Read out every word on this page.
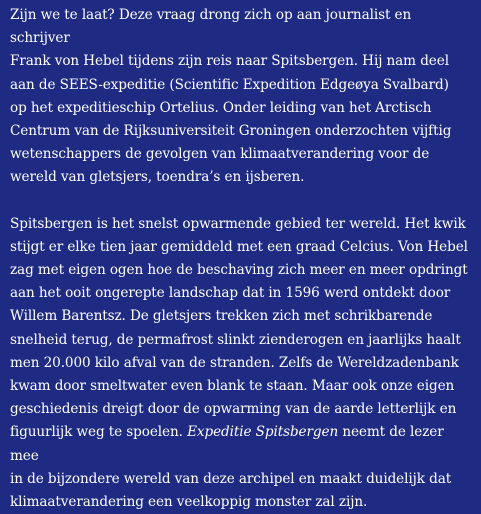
Zijn we te laat? Deze vraag drong zich op aan journalist en schrijver
Frank von Hebel tijdens zijn reis naar Spitsbergen. Hij nam deel
aan de SEES-expeditie (Scientific Expedition Edgeøya Svalbard)
op het expeditieschip Ortelius. Onder leiding van het Arctisch
Centrum van de Rijksuniversiteit Groningen onderzochten vijftig
wetenschappers de gevolgen van klimaatverandering voor de
wereld van gletsjers, toendra’s en ijsberen.

Spitsbergen is het snelst opwarmende gebied ter wereld. Het kwik
stijgt er elke tien jaar gemiddeld met een graad Celcius. Von Hebel
zag met eigen ogen hoe de beschaving zich meer en meer opdringt
aan het ooit ongerepte landschap dat in 1596 werd ontdekt door
Willem Barentsz. De gletsjers trekken zich met schrikbarende
snelheid terug, de permafrost slinkt zienderogen en jaarlijks haalt
men 20.000 kilo afval van de stranden. Zelfs de Wereldzadenbank
kwam door smeltwater even blank te staan. Maar ook onze eigen
geschiedenis dreigt door de opwarming van de aarde letterlijk en
figuurlijk weg te spoelen. Expeditie Spitsbergen neemt de lezer mee
in de bijzondere wereld van deze archipel en maakt duidelijk dat
klimaatverandering een veelkoppig monster zal zijn.
